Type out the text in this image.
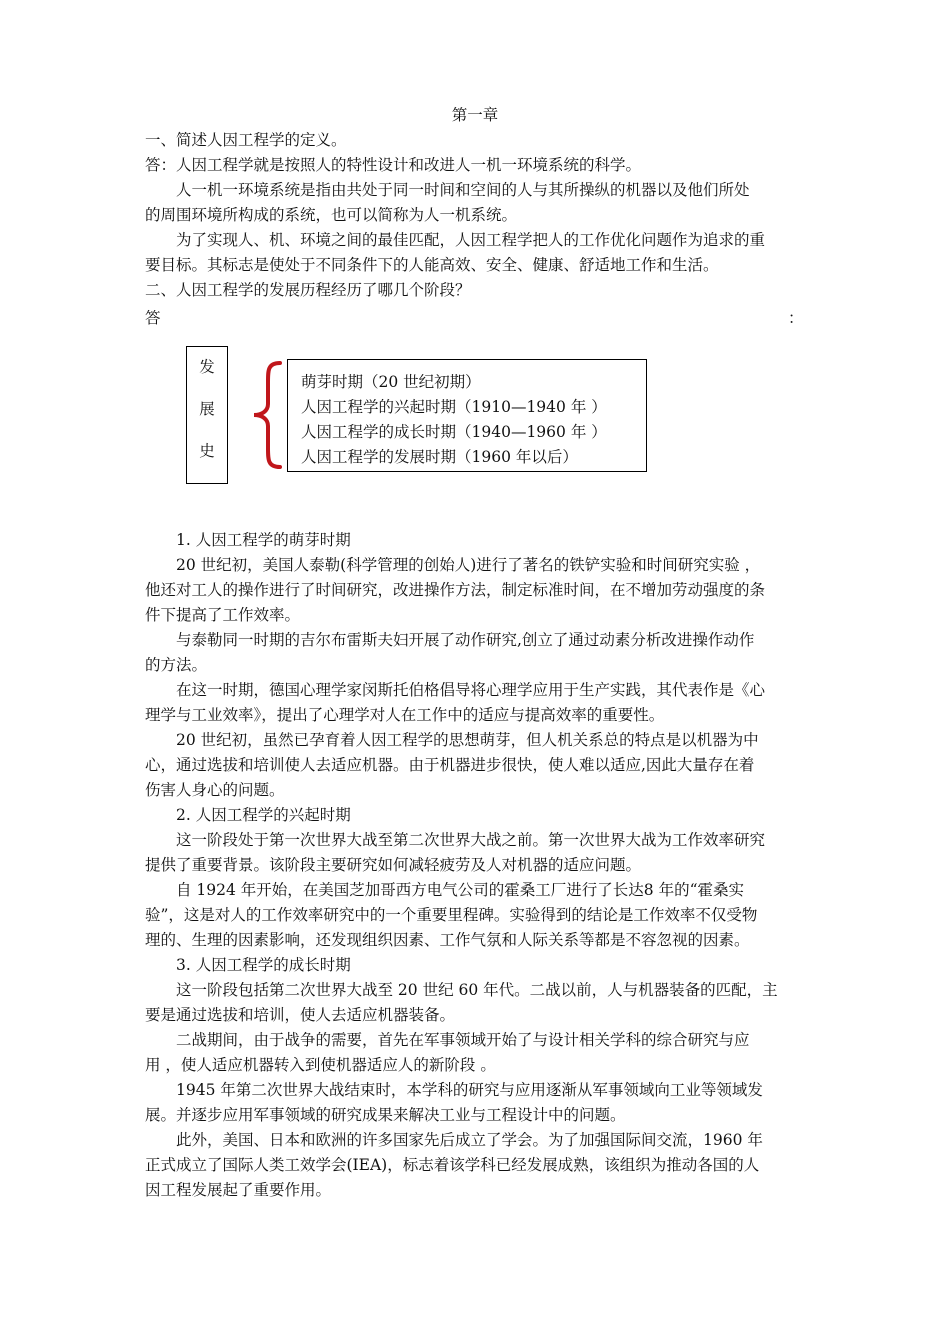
第一章
一、简述人因工程学的定义。
答：人因工程学就是按照人的特性设计和改进人一机一环境系统的科学。
人一机一环境系统是指由共处于同一时间和空间的人与其所操纵的机器以及他们所处
的周围环境所构成的系统，也可以简称为人一机系统。
为了实现人、机、环境之间的最佳匹配，人因工程学把人的工作优化问题作为追求的重
要目标。其标志是使处于不同条件下的人能高效、安全、健康、舒适地工作和生活。
二、人因工程学的发展历程经历了哪几个阶段？
答	：
发
展
史
萌芽时期（20 世纪初期）
人因工程学的兴起时期（1910—1940 年 ）
人因工程学的成长时期（1940—1960 年 ）
人因工程学的发展时期（1960 年以后）
1. 人因工程学的萌芽时期
20 世纪初，美国人泰勒(科学管理的创始人)进行了著名的铁铲实验和时间研究实验 ，
他还对工人的操作进行了时间研究，改进操作方法，制定标准时间，在不增加劳动强度的条
件下提高了工作效率。
与泰勒同一时期的吉尔布雷斯夫妇开展了动作研究,创立了通过动素分析改进操作动作
的方法。
在这一时期，德国心理学家闵斯托伯格倡导将心理学应用于生产实践，其代表作是《心
理学与工业效率》，提出了心理学对人在工作中的适应与提高效率的重要性。
20 世纪初，虽然已孕育着人因工程学的思想萌芽，但人机关系总的特点是以机器为中
心，通过选拔和培训使人去适应机器。由于机器进步很快，使人难以适应,因此大量存在着
伤害人身心的问题。
2. 人因工程学的兴起时期
这一阶段处于第一次世界大战至第二次世界大战之前。第一次世界大战为工作效率研究
提供了重要背景。该阶段主要研究如何减轻疲劳及人对机器的适应问题。
自 1924 年开始，在美国芝加哥西方电气公司的霍桑工厂进行了长达8 年的“霍桑实
验”，这是对人的工作效率研究中的一个重要里程碑。实验得到的结论是工作效率不仅受物
理的、生理的因素影响，还发现组织因素、工作气氛和人际关系等都是不容忽视的因素。
3. 人因工程学的成长时期
这一阶段包括第二次世界大战至 20 世纪 60 年代。二战以前，人与机器装备的匹配，主
要是通过选拔和培训，使人去适应机器装备。
二战期间，由于战争的需要，首先在军事领域开始了与设计相关学科的综合研究与应
用 ，使人适应机器转入到使机器适应人的新阶段 。
1945 年第二次世界大战结束时，本学科的研究与应用逐渐从军事领域向工业等领域发
展。并逐步应用军事领域的研究成果来解决工业与工程设计中的问题。
此外，美国、日本和欧洲的许多国家先后成立了学会。为了加强国际间交流，1960 年
正式成立了国际人类工效学会(IEA)，标志着该学科已经发展成熟，该组织为推动各国的人
因工程发展起了重要作用。
